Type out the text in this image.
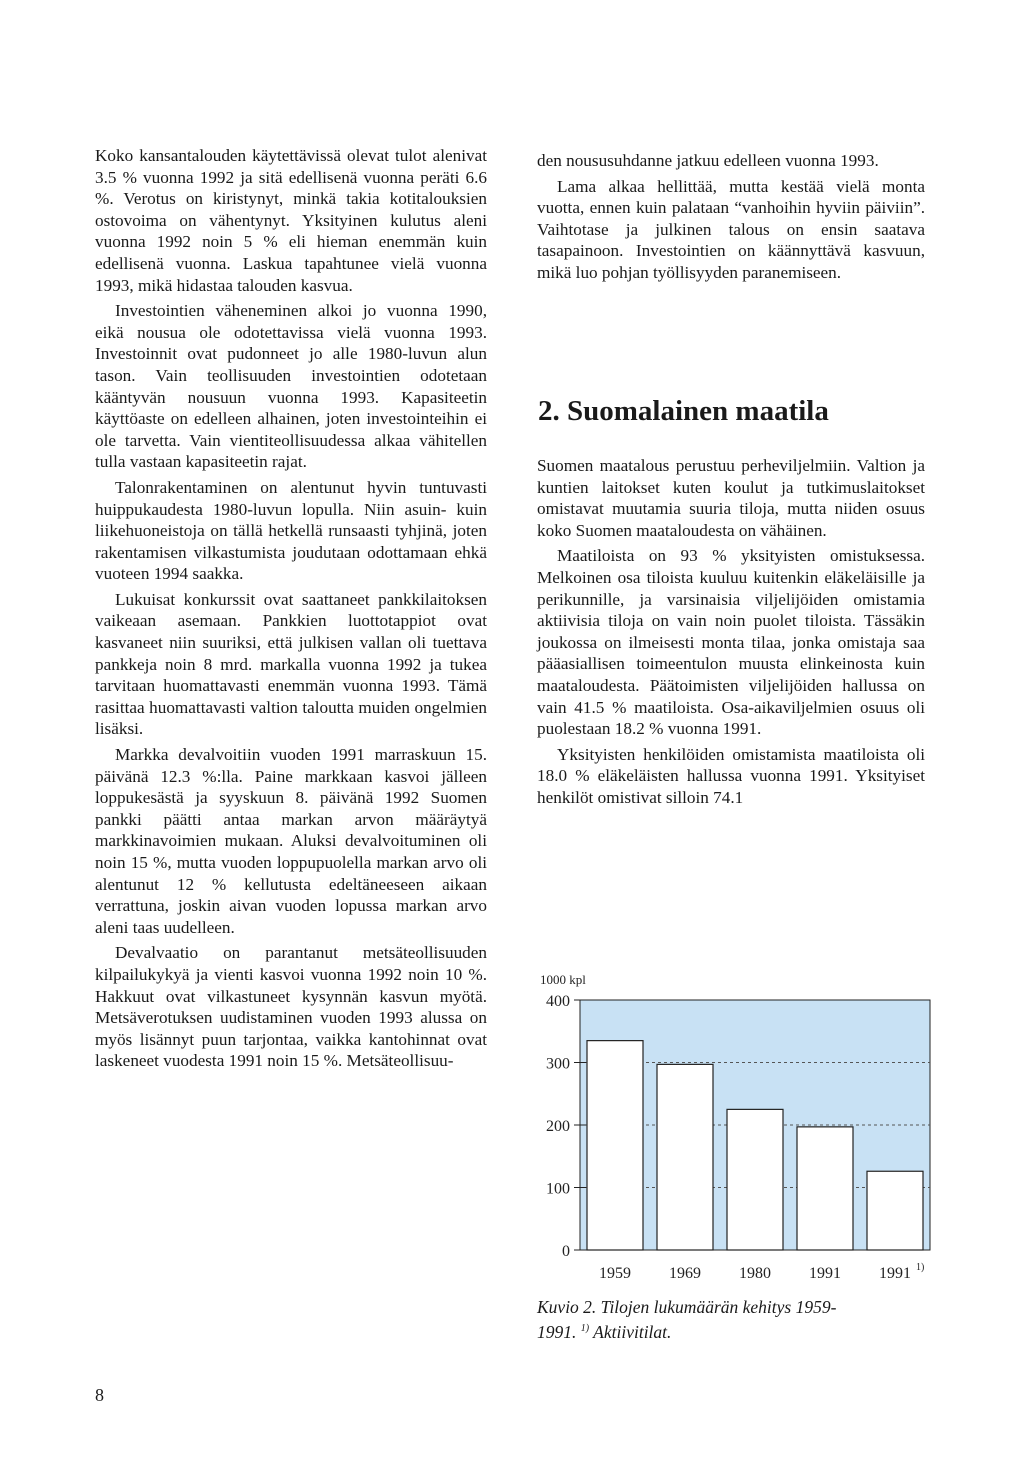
Koko kansantalouden käytettävissä olevat tulot alenivat 3.5 % vuonna 1992 ja sitä edellisenä vuonna peräti 6.6 %. Verotus on kiristynyt, minkä takia kotitalouksien ostovoima on vähentynyt. Yksityinen kulutus aleni vuonna 1992 noin 5 % eli hieman enemmän kuin edellisenä vuonna. Laskua tapahtunee vielä vuonna 1993, mikä hidastaa talouden kasvua.

Investointien väheneminen alkoi jo vuonna 1990, eikä nousua ole odotettavissa vielä vuonna 1993. Investoinnit ovat pudonneet jo alle 1980-luvun alun tason. Vain teollisuuden investointien odotetaan kääntyvän nousuun vuonna 1993. Kapasiteetin käyttöaste on edelleen alhainen, joten investointeihin ei ole tarvetta. Vain vientiteollisuudessa alkaa vähitellen tulla vastaan kapasiteetin rajat.

Talonrakentaminen on alentunut hyvin tuntuvasti huippukaudesta 1980-luvun lopulla. Niin asuin- kuin liikehuoneistoja on tällä hetkellä runsaasti tyhjinä, joten rakentamisen vilkastumista joudutaan odottamaan ehkä vuoteen 1994 saakka.

Lukuisat konkurssit ovat saattaneet pankkilaitoksen vaikeaan asemaan. Pankkien luottotappiot ovat kasvaneet niin suuriksi, että julkisen vallan oli tuettava pankkeja noin 8 mrd. markalla vuonna 1992 ja tukea tarvitaan huomattavasti enemmän vuonna 1993. Tämä rasittaa huomattavasti valtion taloutta muiden ongelmien lisäksi.

Markka devalvoitiin vuoden 1991 marraskuun 15. päivänä 12.3 %:lla. Paine markkaan kasvoi jälleen loppukesästä ja syyskuun 8. päivänä 1992 Suomen pankki päätti antaa markan arvon määräytyä markkinavoimien mukaan. Aluksi devalvoituminen oli noin 15 %, mutta vuoden loppupuolella markan arvo oli alentunut 12 % kellutusta edeltäneeseen aikaan verrattuna, joskin aivan vuoden lopussa markan arvo aleni taas uudelleen.

Devalvaatio on parantanut metsäteollisuuden kilpailukykyä ja vienti kasvoi vuonna 1992 noin 10 %. Hakkuut ovat vilkastuneet kysynnän kasvun myötä. Metsäverotuksen uudistaminen vuoden 1993 alussa on myös lisännyt puun tarjontaa, vaikka kantohinnat ovat laskeneet vuodesta 1991 noin 15 %. Metsäteollisuu-

den noususuhdanne jatkuu edelleen vuonna 1993.

Lama alkaa hellittää, mutta kestää vielä monta vuotta, ennen kuin palataan “vanhoihin hyviin päiviin”. Vaihtotase ja julkinen talous on ensin saatava tasapainoon. Investointien on käännyttävä kasvuun, mikä luo pohjan työllisyyden paranemiseen.

2. Suomalainen maatila

Suomen maatalous perustuu perheviljelmiin. Valtion ja kuntien laitokset kuten koulut ja tutkimuslaitokset omistavat muutamia suuria tiloja, mutta niiden osuus koko Suomen maataloudesta on vähäinen.

Maatiloista on 93 % yksityisten omistuksessa. Melkoinen osa tiloista kuuluu kuitenkin eläkeläisille ja perikunnille, ja varsinaisia viljelijöiden omistamia aktiivisia tiloja on vain noin puolet tiloista. Tässäkin joukossa on ilmeisesti monta tilaa, jonka omistaja saa pääasiallisen toimeentulon muusta elinkeinosta kuin maataloudesta. Päätoimisten viljelijöiden hallussa on vain 41.5 % maatiloista. Osa-aikaviljelmien osuus oli puolestaan 18.2 % vuonna 1991.

Yksityisten henkilöiden omistamista maatiloista oli 18.0 % eläkeläisten hallussa vuonna 1991. Yksityiset henkilöt omistivat silloin 74.1

0
100
200
300
400
1000 kpl
1959 1969 1980 1991 1991 1)
Kuvio 2. Tilojen lukumäärän kehitys 1959-
1991. $^{1)}$ Aktiivitilat.
8
